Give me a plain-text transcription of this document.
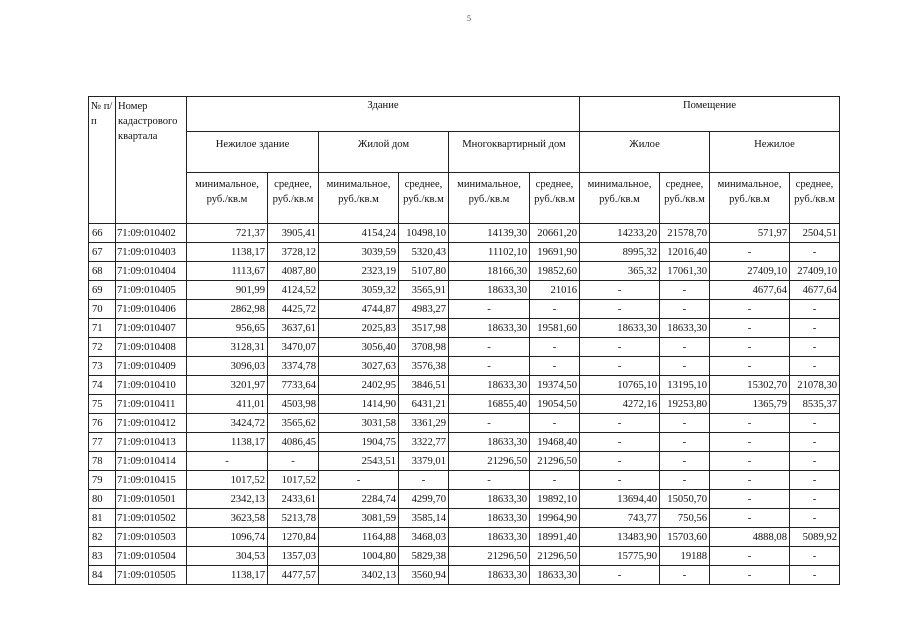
5
№ п/п	Номер кадастрового квартала	Здание						Помещение			
		Нежилое здание		Жилой дом		Многоквартирный дом		Жилое		Нежилое	
		минимальное, руб./кв.м	среднее, руб./кв.м	минимальное, руб./кв.м	среднее, руб./кв.м	минимальное, руб./кв.м	среднее, руб./кв.м	минимальное, руб./кв.м	среднее, руб./кв.м	минимальное, руб./кв.м	среднее, руб./кв.м
66	71:09:010402	721,37	3905,41	4154,24	10498,10	14139,30	20661,20	14233,20	21578,70	571,97	2504,51
67	71:09:010403	1138,17	3728,12	3039,59	5320,43	11102,10	19691,90	8995,32	12016,40	-	-
68	71:09:010404	1113,67	4087,80	2323,19	5107,80	18166,30	19852,60	365,32	17061,30	27409,10	27409,10
69	71:09:010405	901,99	4124,52	3059,32	3565,91	18633,30	21016	-	-	4677,64	4677,64
70	71:09:010406	2862,98	4425,72	4744,87	4983,27	-	-	-	-	-	-
71	71:09:010407	956,65	3637,61	2025,83	3517,98	18633,30	19581,60	18633,30	18633,30	-	-
72	71:09:010408	3128,31	3470,07	3056,40	3708,98	-	-	-	-	-	-
73	71:09:010409	3096,03	3374,78	3027,63	3576,38	-	-	-	-	-	-
74	71:09:010410	3201,97	7733,64	2402,95	3846,51	18633,30	19374,50	10765,10	13195,10	15302,70	21078,30
75	71:09:010411	411,01	4503,98	1414,90	6431,21	16855,40	19054,50	4272,16	19253,80	1365,79	8535,37
76	71:09:010412	3424,72	3565,62	3031,58	3361,29	-	-	-	-	-	-
77	71:09:010413	1138,17	4086,45	1904,75	3322,77	18633,30	19468,40	-	-	-	-
78	71:09:010414	-	-	2543,51	3379,01	21296,50	21296,50	-	-	-	-
79	71:09:010415	1017,52	1017,52	-	-	-	-	-	-	-	-
80	71:09:010501	2342,13	2433,61	2284,74	4299,70	18633,30	19892,10	13694,40	15050,70	-	-
81	71:09:010502	3623,58	5213,78	3081,59	3585,14	18633,30	19964,90	743,77	750,56	-	-
82	71:09:010503	1096,74	1270,84	1164,88	3468,03	18633,30	18991,40	13483,90	15703,60	4888,08	5089,92
83	71:09:010504	304,53	1357,03	1004,80	5829,38	21296,50	21296,50	15775,90	19188	-	-
84	71:09:010505	1138,17	4477,57	3402,13	3560,94	18633,30	18633,30	-	-	-	-
